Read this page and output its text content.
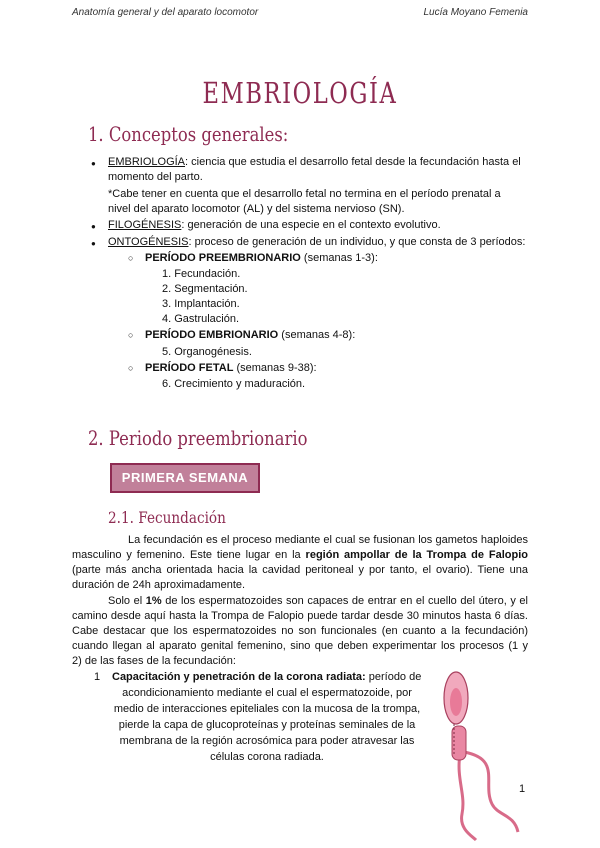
Anatomía general y del aparato locomotor	Lucía Moyano Femenia
EMBRIOLOGÍA
1. Conceptos generales:
● EMBRIOLOGÍA: ciencia que estudia el desarrollo fetal desde la fecundación hasta el
momento del parto.
*Cabe tener en cuenta que el desarrollo fetal no termina en el período prenatal a
nivel del aparato locomotor (AL) y del sistema nervioso (SN).
● FILOGÉNESIS: generación de una especie en el contexto evolutivo.
● ONTOGÉNESIS: proceso de generación de un individuo, y que consta de 3 períodos:
○ PERÍODO PREEMBRIONARIO (semanas 1-3):
1. Fecundación.
2. Segmentación.
3. Implantación.
4. Gastrulación.
○ PERÍODO EMBRIONARIO (semanas 4-8):
5. Organogénesis.
○ PERÍODO FETAL (semanas 9-38):
6. Crecimiento y maduración.
2. Periodo preembrionario
PRIMERA SEMANA
2.1. Fecundación
La fecundación es el proceso mediante el cual se fusionan los gametos haploides
masculino y femenino. Este tiene lugar en la región ampollar de la Trompa de Falopio
(parte más ancha orientada hacia la cavidad peritoneal y por tanto, el ovario). Tiene una
duración de 24h aproximadamente.
Solo el 1% de los espermatozoides son capaces de entrar en el cuello del útero, y el
camino desde aquí hasta la Trompa de Falopio puede tardar desde 30 minutos hasta 6 días.
Cabe destacar que los espermatozoides no son funcionales (en cuanto a la fecundación)
cuando llegan al aparato genital femenino, sino que deben experimentar los procesos (1 y
2) de las fases de la fecundación:
1 Capacitación y penetración de la corona radiata: período de
acondicionamiento mediante el cual el espermatozoide, por
medio de interacciones epiteliales con la mucosa de la trompa,
pierde la capa de glucoproteínas y proteínas seminales de la
membrana de la región acrosómica para poder atravesar las
células corona radiada.
1
